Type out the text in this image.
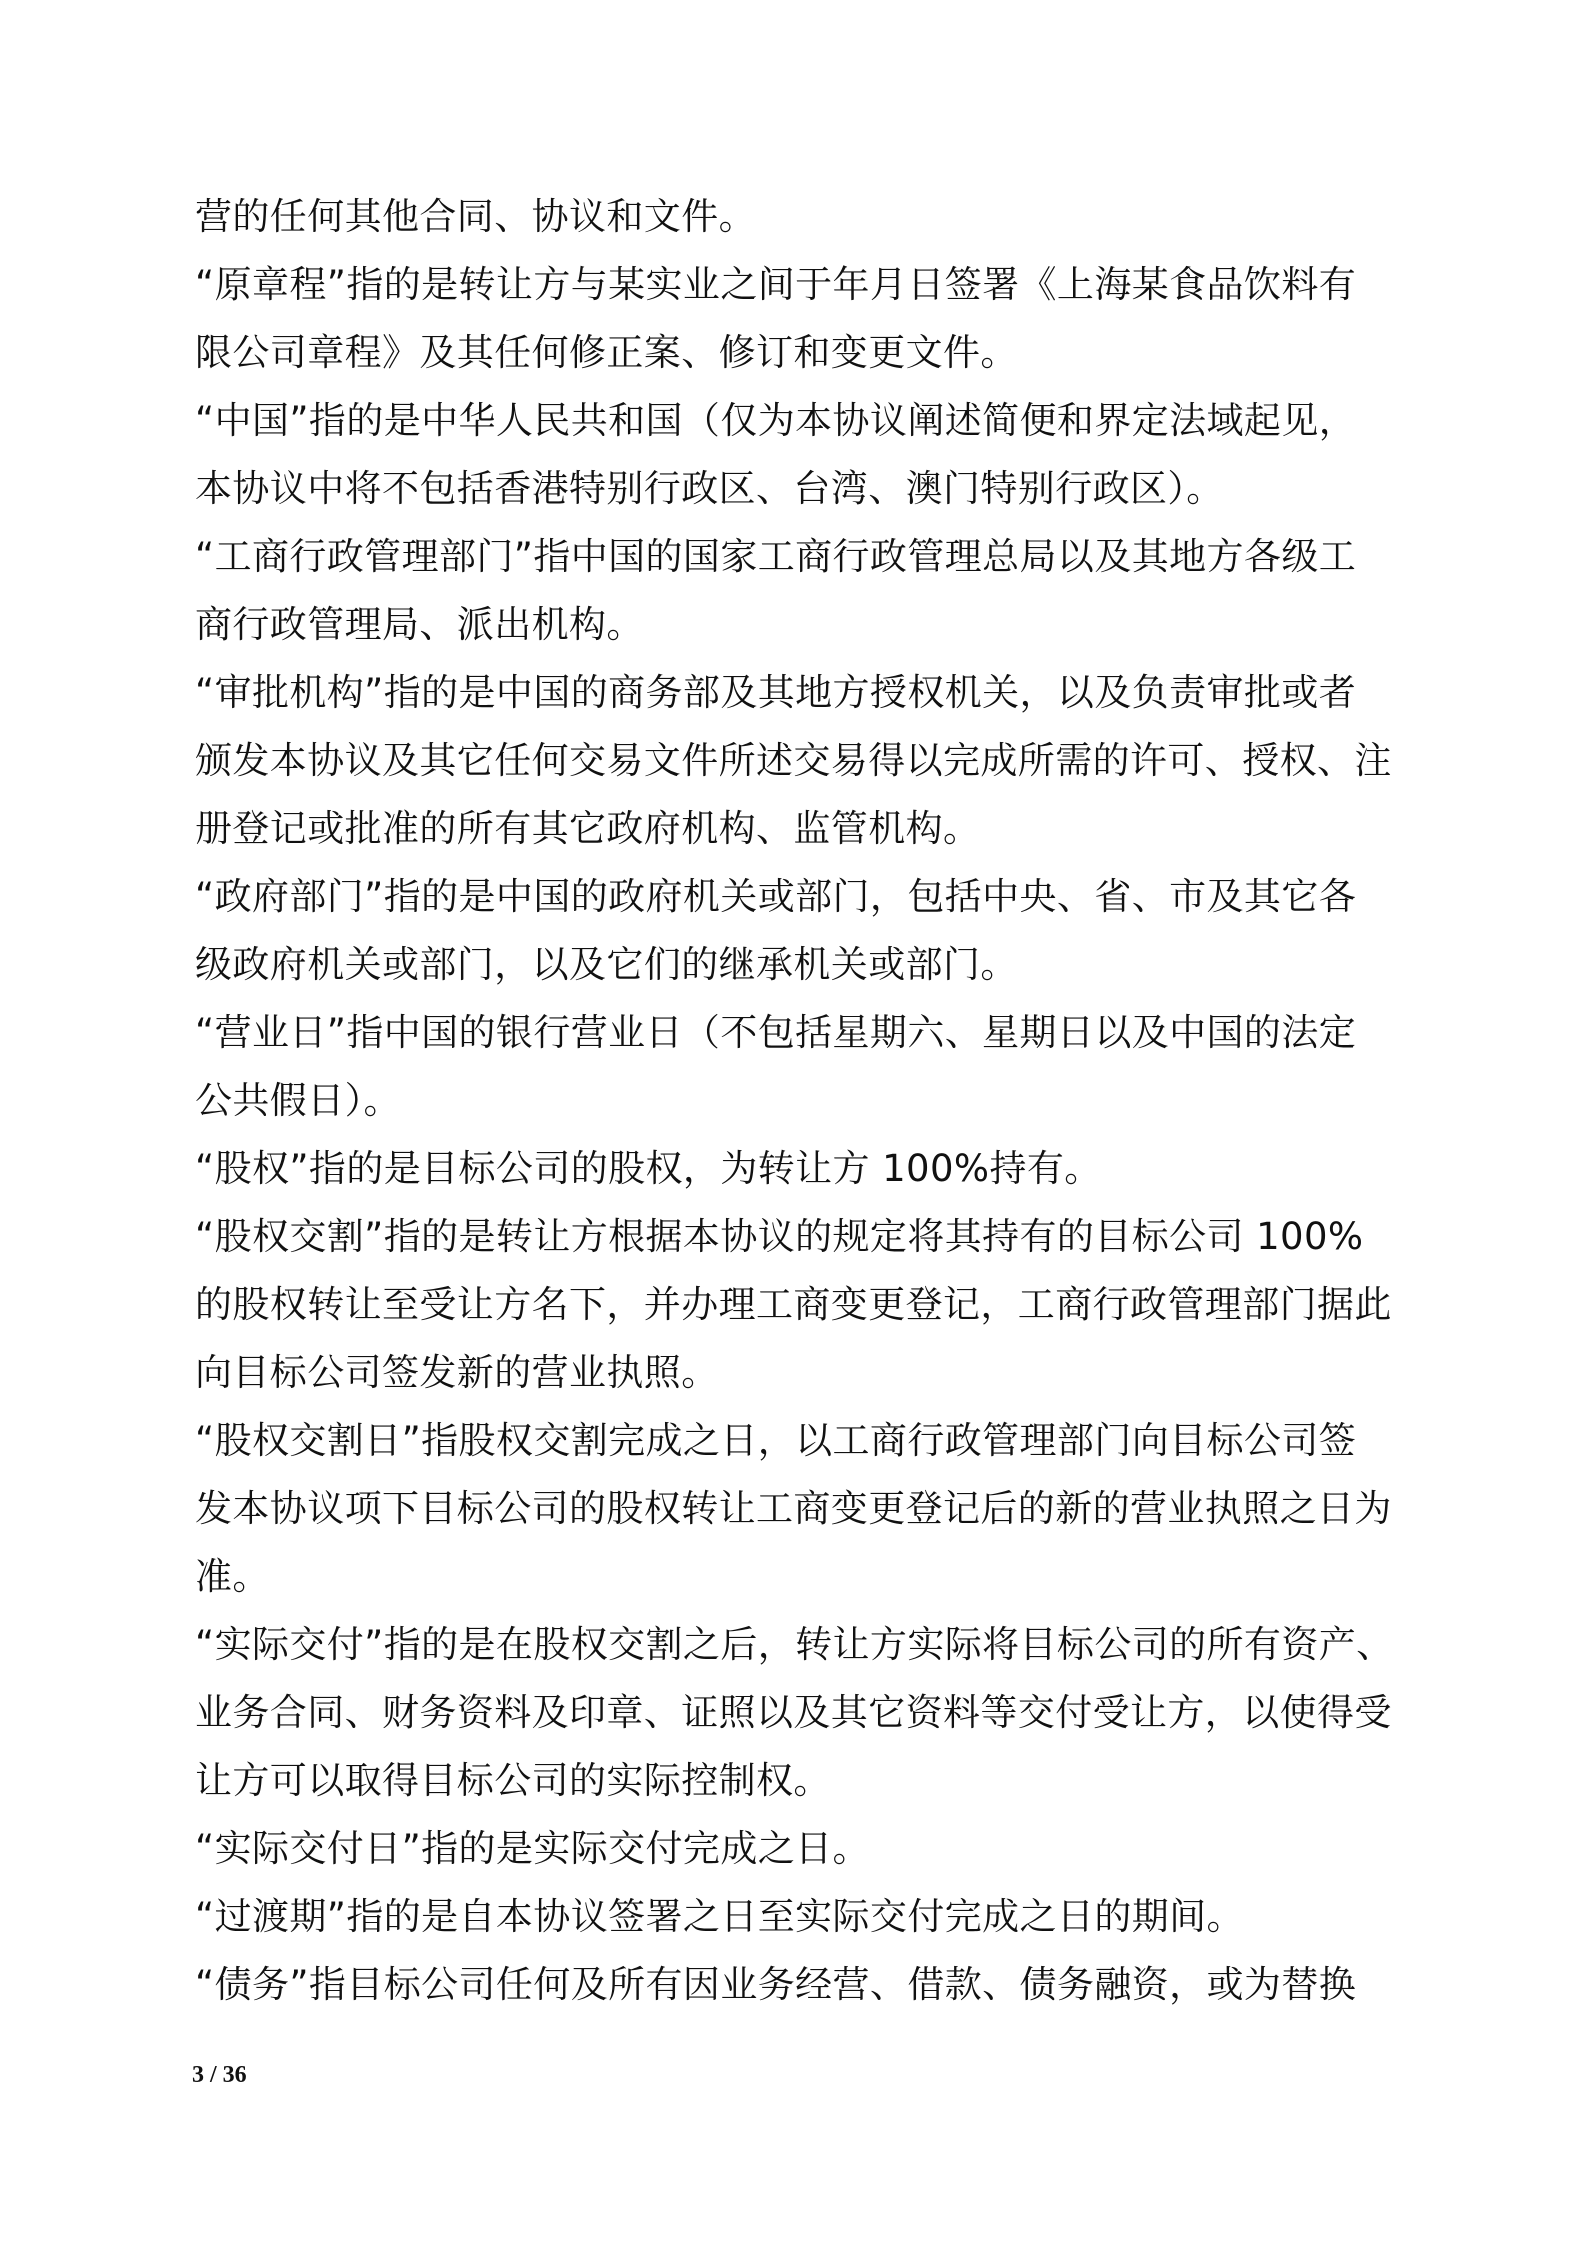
营的任何其他合同、协议和文件。
“原章程”指的是转让方与某实业之间于年月日签署《上海某食品饮料有
限公司章程》及其任何修正案、修订和变更文件。
“中国”指的是中华人民共和国（仅为本协议阐述简便和界定法域起见，
本协议中将不包括香港特别行政区、台湾、澳门特别行政区）。
“工商行政管理部门”指中国的国家工商行政管理总局以及其地方各级工
商行政管理局、派出机构。
“审批机构”指的是中国的商务部及其地方授权机关，以及负责审批或者
颁发本协议及其它任何交易文件所述交易得以完成所需的许可、授权、注
册登记或批准的所有其它政府机构、监管机构。
“政府部门”指的是中国的政府机关或部门，包括中央、省、市及其它各
级政府机关或部门，以及它们的继承机关或部门。
“营业日”指中国的银行营业日（不包括星期六、星期日以及中国的法定
公共假日）。
“股权”指的是目标公司的股权，为转让方 100%持有。
“股权交割”指的是转让方根据本协议的规定将其持有的目标公司 100%
的股权转让至受让方名下，并办理工商变更登记，工商行政管理部门据此
向目标公司签发新的营业执照。
“股权交割日”指股权交割完成之日，以工商行政管理部门向目标公司签
发本协议项下目标公司的股权转让工商变更登记后的新的营业执照之日为
准。
“实际交付”指的是在股权交割之后，转让方实际将目标公司的所有资产、
业务合同、财务资料及印章、证照以及其它资料等交付受让方，以使得受
让方可以取得目标公司的实际控制权。
“实际交付日”指的是实际交付完成之日。
“过渡期”指的是自本协议签署之日至实际交付完成之日的期间。
“债务”指目标公司任何及所有因业务经营、借款、债务融资，或为替换
3 / 36
